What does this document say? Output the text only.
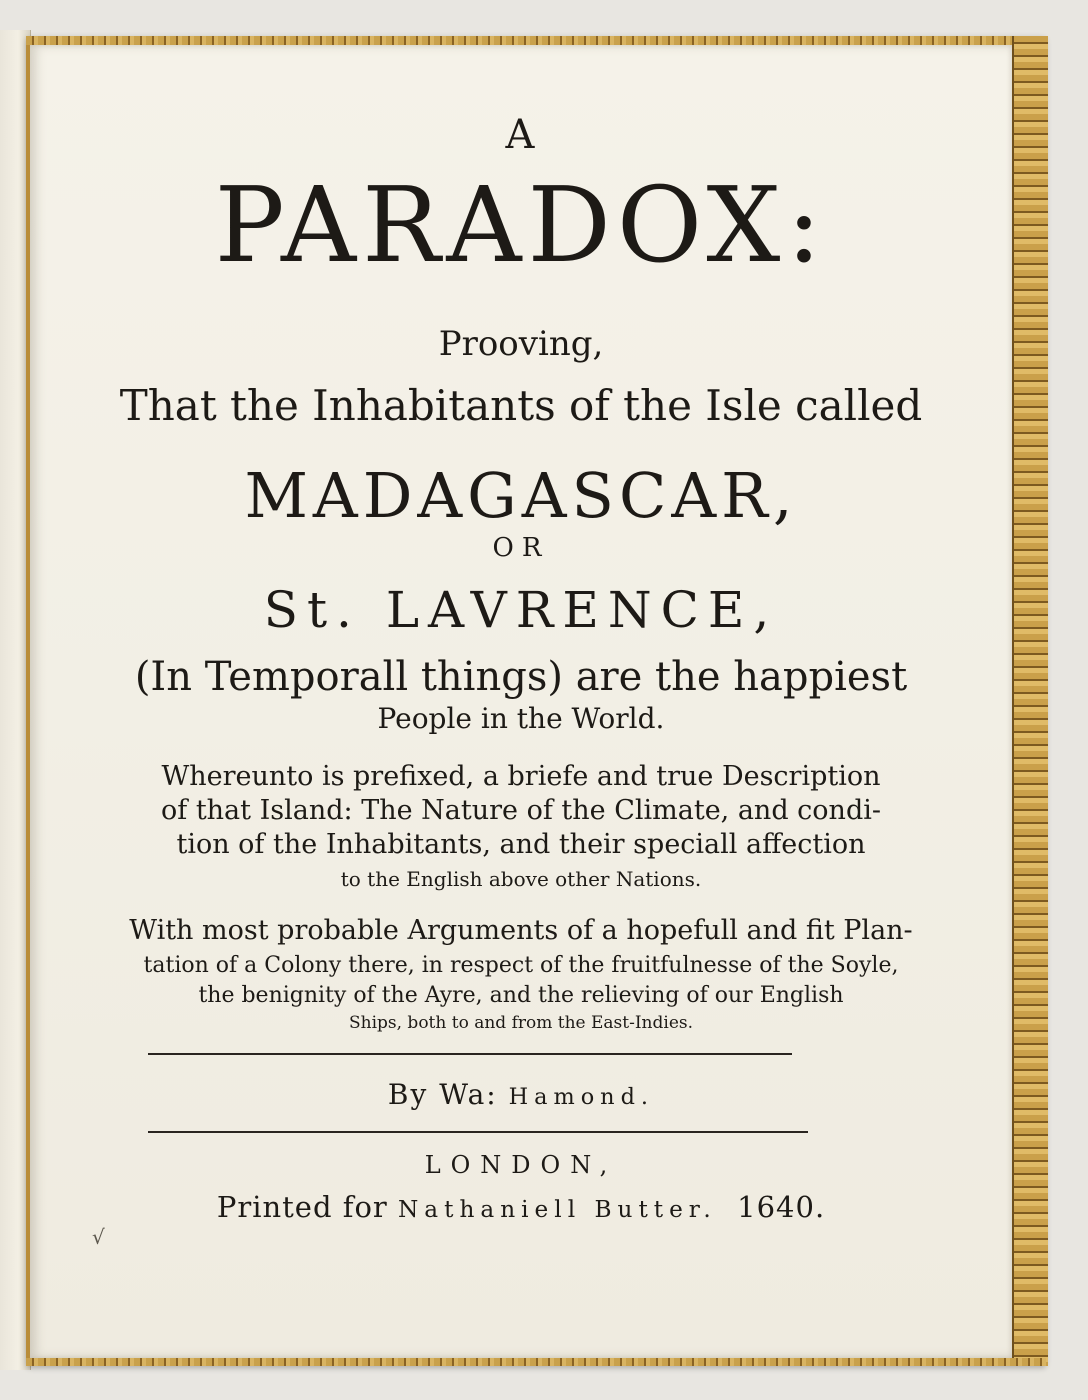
A
PARADOX:
Prooving,
That the Inhabitants of the Isle called
MADAGASCAR,
OR
St. LAVRENCE,
(In Temporall things) are the happiest
People in the World.
Whereunto is prefixed, a briefe and true Description
of that Island: The Nature of the Climate, and condi-
tion of the Inhabitants, and their speciall affection
to the English above other Nations.
With most probable Arguments of a hopefull and fit Plan-
tation of a Colony there, in respect of the fruitfulnesse of the Soyle,
the benignity of the Ayre, and the relieving of our English
Ships, both to and from the East-Indies.
By Wa: Hamond.
LONDON,
Printed for Nathaniell Butter. 1640.
√
